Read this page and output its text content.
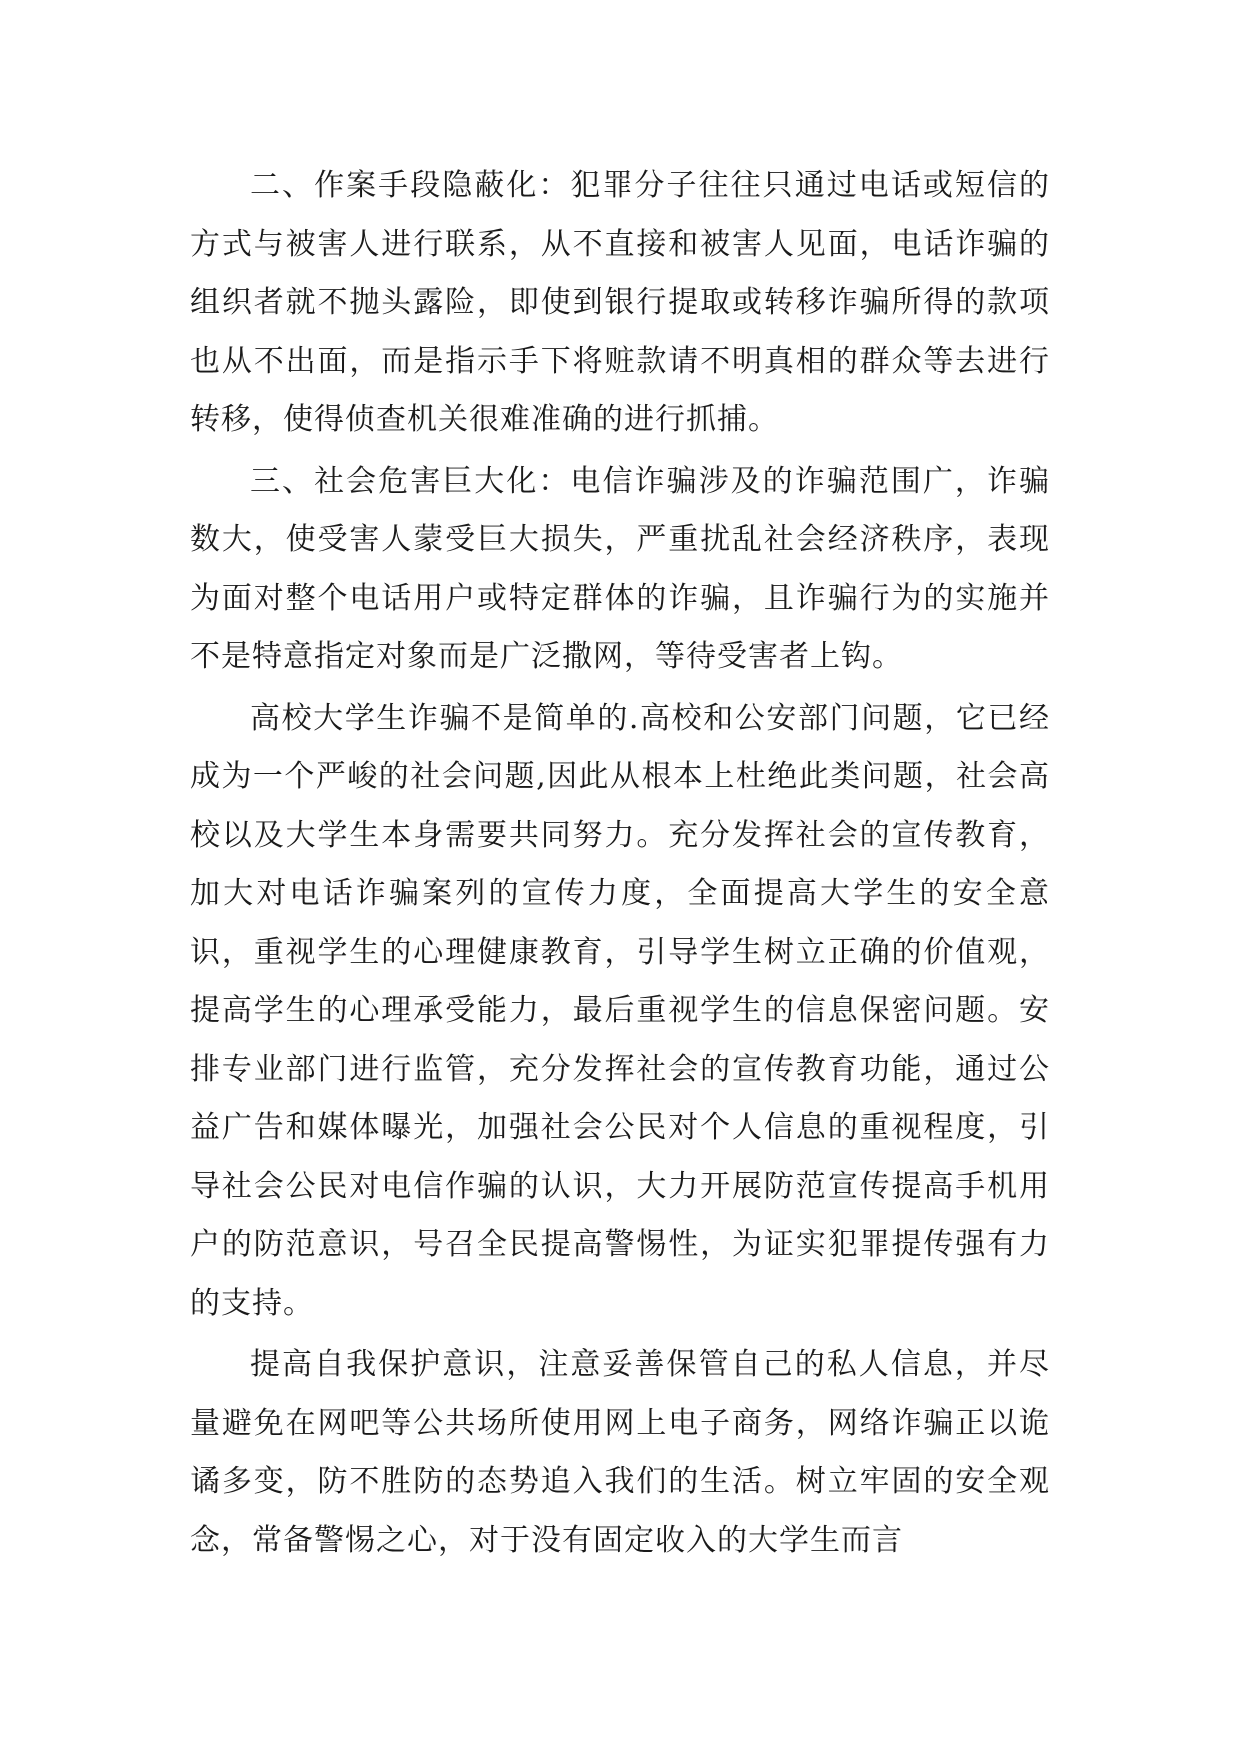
二、作案手段隐蔽化：犯罪分子往往只通过电话或短信的方式与被害人进行联系，从不直接和被害人见面，电话诈骗的组织者就不抛头露险，即使到银行提取或转移诈骗所得的款项也从不出面，而是指示手下将赃款请不明真相的群众等去进行转移，使得侦查机关很难准确的进行抓捕。

三、社会危害巨大化：电信诈骗涉及的诈骗范围广，诈骗数大，使受害人蒙受巨大损失，严重扰乱社会经济秩序，表现为面对整个电话用户或特定群体的诈骗，且诈骗行为的实施并不是特意指定对象而是广泛撒网，等待受害者上钩。

高校大学生诈骗不是简单的.高校和公安部门问题，它已经成为一个严峻的社会问题,因此从根本上杜绝此类问题，社会高校以及大学生本身需要共同努力。充分发挥社会的宣传教育，加大对电话诈骗案列的宣传力度，全面提高大学生的安全意识，重视学生的心理健康教育，引导学生树立正确的价值观，提高学生的心理承受能力，最后重视学生的信息保密问题。安排专业部门进行监管，充分发挥社会的宣传教育功能，通过公益广告和媒体曝光，加强社会公民对个人信息的重视程度，引导社会公民对电信作骗的认识，大力开展防范宣传提高手机用户的防范意识，号召全民提高警惕性，为证实犯罪提传强有力的支持。

提高自我保护意识，注意妥善保管自己的私人信息，并尽量避免在网吧等公共场所使用网上电子商务，网络诈骗正以诡谲多变，防不胜防的态势追入我们的生活。树立牢固的安全观念，常备警惕之心，对于没有固定收入的大学生而言
